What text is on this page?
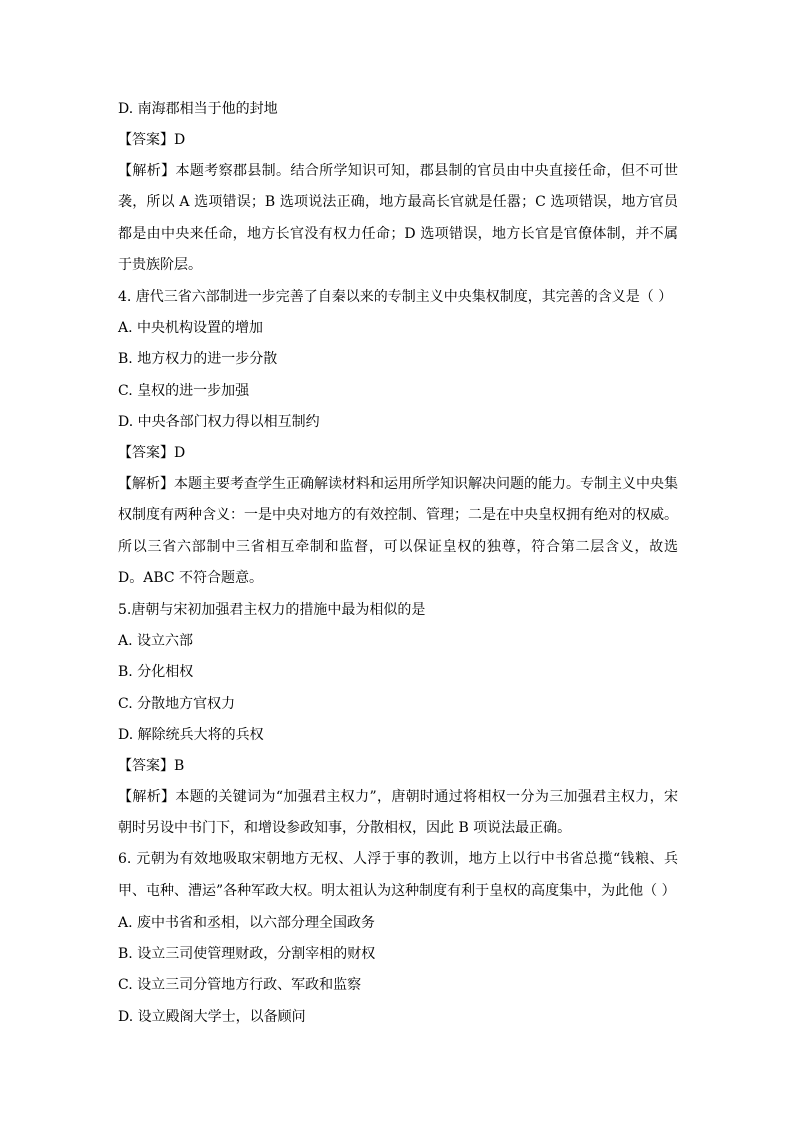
D. 南海郡相当于他的封地
【答案】D
【解析】本题考察郡县制。结合所学知识可知，郡县制的官员由中央直接任命，但不可世袭，所以 A 选项错误；B 选项说法正确，地方最高长官就是任嚣；C 选项错误，地方官员都是由中央来任命，地方长官没有权力任命；D 选项错误，地方长官是官僚体制，并不属于贵族阶层。
4. 唐代三省六部制进一步完善了自秦以来的专制主义中央集权制度，其完善的含义是（ ）
A. 中央机构设置的增加
B. 地方权力的进一步分散
C. 皇权的进一步加强
D. 中央各部门权力得以相互制约
【答案】D
【解析】本题主要考查学生正确解读材料和运用所学知识解决问题的能力。专制主义中央集权制度有两种含义：一是中央对地方的有效控制、管理；二是在中央皇权拥有绝对的权威。所以三省六部制中三省相互牵制和监督，可以保证皇权的独尊，符合第二层含义，故选 D。ABC 不符合题意。
5.唐朝与宋初加强君主权力的措施中最为相似的是
A. 设立六部
B. 分化相权
C. 分散地方官权力
D. 解除统兵大将的兵权
【答案】B
【解析】本题的关键词为“加强君主权力”，唐朝时通过将相权一分为三加强君主权力，宋朝时另设中书门下，和增设参政知事，分散相权，因此 B 项说法最正确。
6. 元朝为有效地吸取宋朝地方无权、人浮于事的教训，地方上以行中书省总揽“钱粮、兵甲、屯种、漕运”各种军政大权。明太祖认为这种制度有利于皇权的高度集中，为此他（ ）
A. 废中书省和丞相，以六部分理全国政务
B. 设立三司使管理财政，分割宰相的财权
C. 设立三司分管地方行政、军政和监察
D. 设立殿阁大学士，以备顾问
